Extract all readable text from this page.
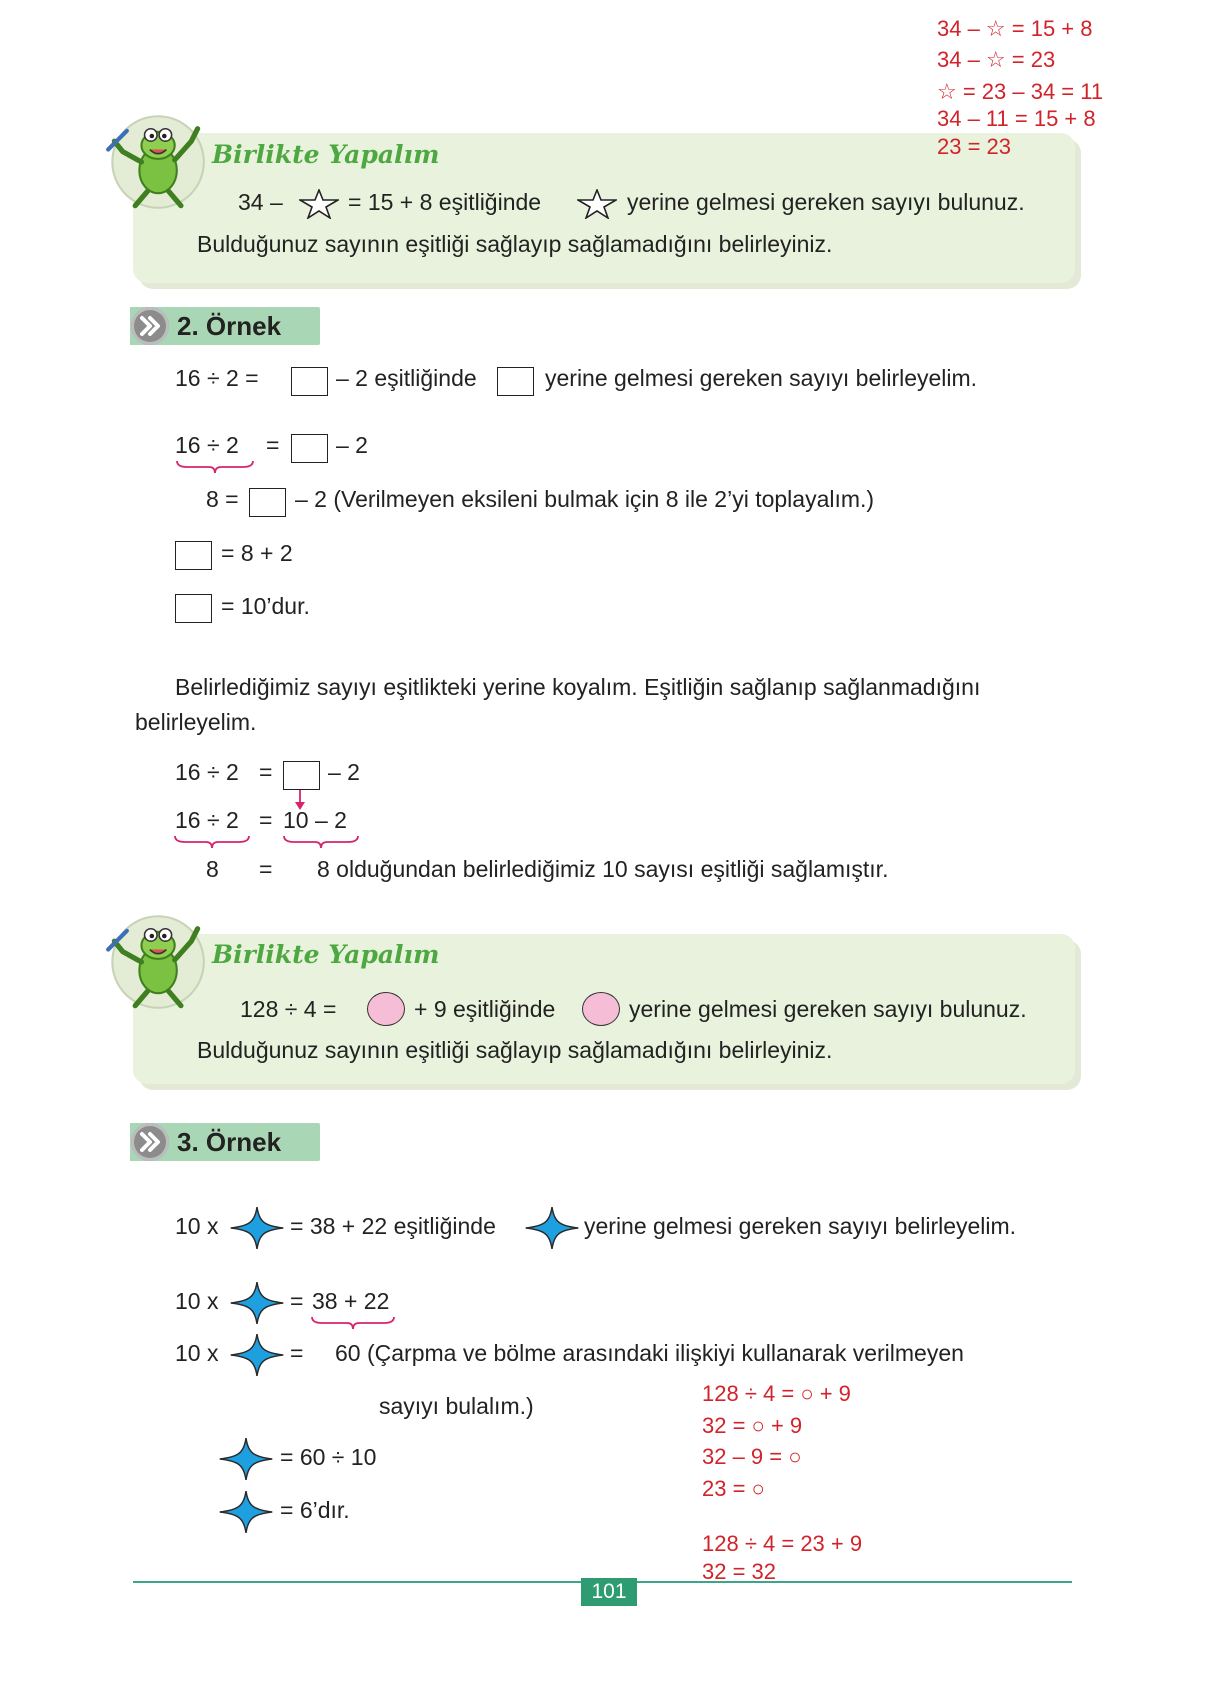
34 – ☆ = 15 + 8
34 – ☆ = 23
☆ = 23 – 34 = 11
34 – 11 = 15 + 8
23 = 23
Birlikte Yapalım
34 –	= 15 + 8 eşitliğinde	yerine gelmesi gereken sayıyı bulunuz.
Bulduğunuz sayının eşitliği sağlayıp sağlamadığını belirleyiniz.
2. Örnek
16 ÷ 2 =	– 2 eşitliğinde	yerine gelmesi gereken sayıyı belirleyelim.
16 ÷ 2 = – 2
8 = – 2 (Verilmeyen eksileni bulmak için 8 ile 2’yi toplayalım.)
= 8 + 2
= 10’dur.
Belirlediğimiz sayıyı eşitlikteki yerine koyalım. Eşitliğin sağlanıp sağlanmadığını
belirleyelim.
16 ÷ 2 = – 2
16 ÷ 2 = 10 – 2
8 = 8 olduğundan belirlediğimiz 10 sayısı eşitliği sağlamıştır.
Birlikte Yapalım
128 ÷ 4 =	+ 9 eşitliğinde	yerine gelmesi gereken sayıyı bulunuz.
Bulduğunuz sayının eşitliği sağlayıp sağlamadığını belirleyiniz.
3. Örnek
10 x	= 38 + 22 eşitliğinde	yerine gelmesi gereken sayıyı belirleyelim.
10 x	= 38 + 22
10 x	= 60 (Çarpma ve bölme arasındaki ilişkiyi kullanarak verilmeyen
sayıyı bulalım.)
= 60 ÷ 10
= 6’dır.
128 ÷ 4 = ○ + 9
32 = ○ + 9
32 – 9 = ○
23 = ○
128 ÷ 4 = 23 + 9
101
32 = 32
